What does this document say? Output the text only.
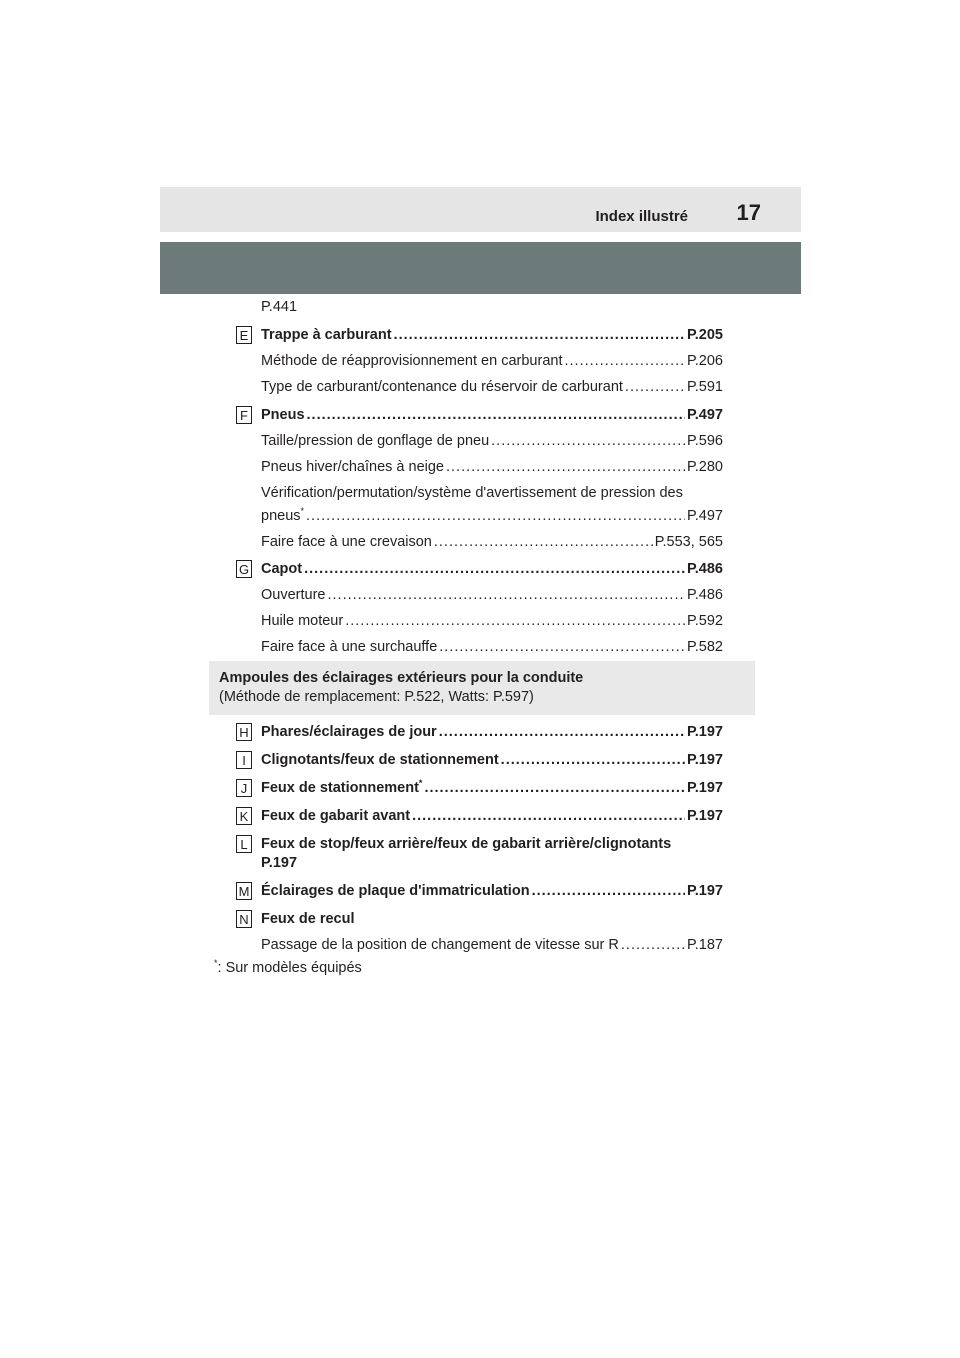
Index illustré 17
P.441
E Trappe à carburant .....	P.205
Méthode de réapprovisionnement en carburant .....	P.206
Type de carburant/contenance du réservoir de carburant .....	P.591
F Pneus .....	P.497
Taille/pression de gonflage de pneu .....	P.596
Pneus hiver/chaînes à neige .....	P.280
Vérification/permutation/système d'avertissement de pression des
pneus* .....	P.497
Faire face à une crevaison .....	P.553, 565
G Capot .....	P.486
Ouverture .....	P.486
Huile moteur .....	P.592
Faire face à une surchauffe .....	P.582
Ampoules des éclairages extérieurs pour la conduite
(Méthode de remplacement: P.522, Watts: P.597)
H Phares/éclairages de jour .....	P.197
I	Clignotants/feux de stationnement .....	P.197
J Feux de stationnement* .....	P.197
K Feux de gabarit avant .....	P.197
L Feux de stop/feux arrière/feux de gabarit arrière/clignotants
P.197
M Éclairages de plaque d'immatriculation .....	P.197
N Feux de recul
Passage de la position de changement de vitesse sur R .....	P.187
*: Sur modèles équipés
